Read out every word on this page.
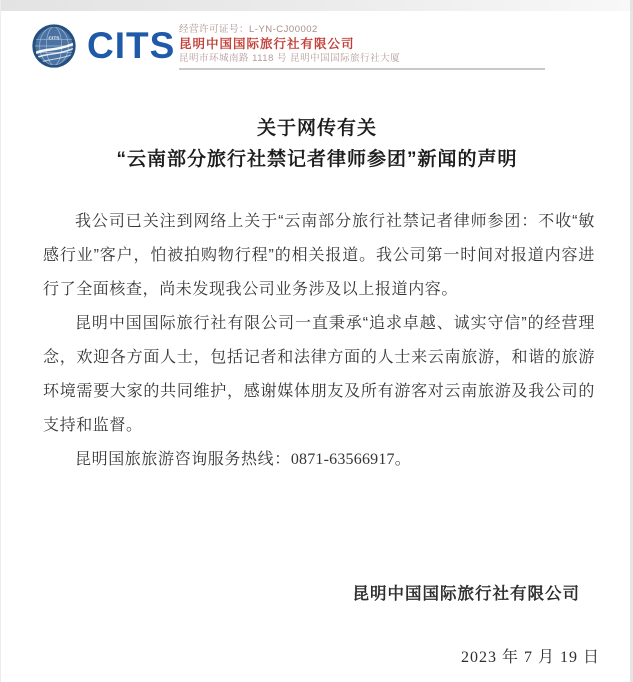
CITS CITS 经营许可证号：L-YN-CJ00002
昆明中国国际旅行社有限公司
昆明市环城南路 1118 号 昆明中国国际旅行社大厦
关于网传有关
“云南部分旅行社禁记者律师参团”新闻的声明

我公司已关注到网络上关于“云南部分旅行社禁记者律师参团：不收“敏感行业”客户，怕被拍购物行程”的相关报道。我公司第一时间对报道内容进行了全面核查，尚未发现我公司业务涉及以上报道内容。

昆明中国国际旅行社有限公司一直秉承“追求卓越、诚实守信”的经营理念，欢迎各方面人士，包括记者和法律方面的人士来云南旅游，和谐的旅游环境需要大家的共同维护，感谢媒体朋友及所有游客对云南旅游及我公司的支持和监督。

昆明国旅旅游咨询服务热线：0871-63566917。

昆明中国国际旅行社有限公司
2023 年 7 月 19 日
